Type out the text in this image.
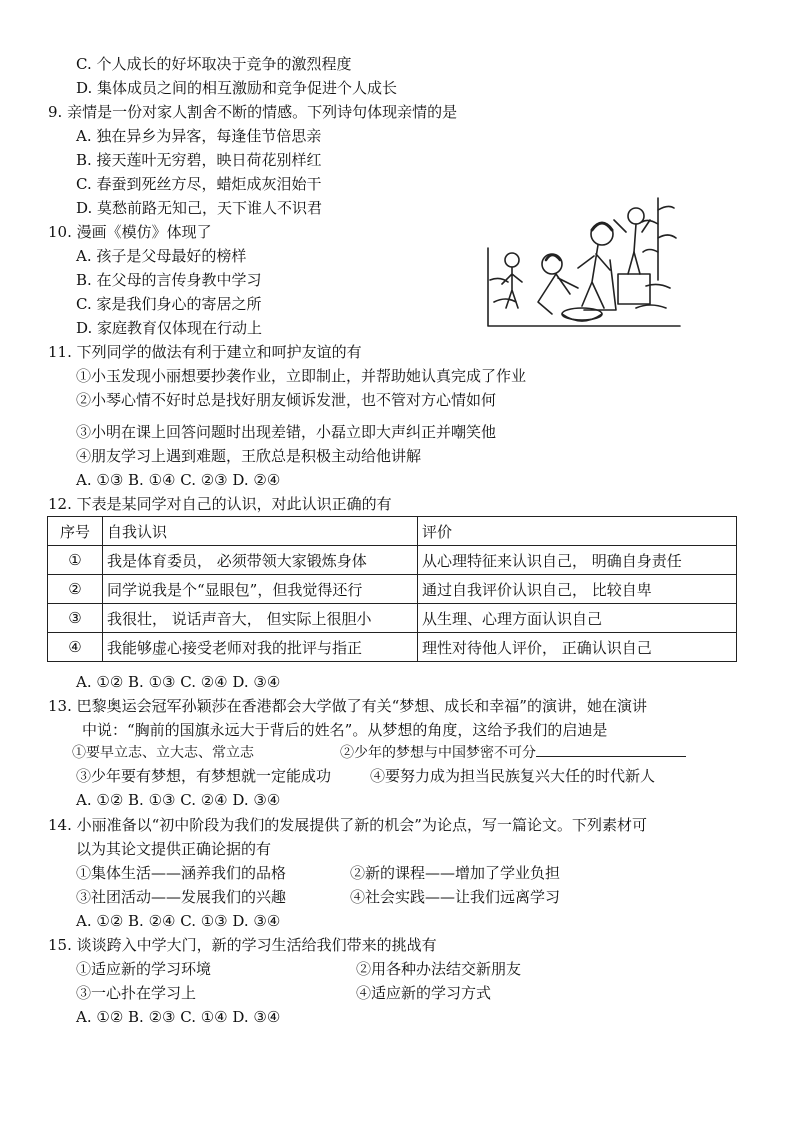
C. 个人成长的好坏取决于竞争的激烈程度
D. 集体成员之间的相互激励和竞争促进个人成长
9. 亲情是一份对家人割舍不断的情感。下列诗句体现亲情的是
A. 独在异乡为异客，每逢佳节倍思亲
B. 接天莲叶无穷碧，映日荷花别样红
C. 春蚕到死丝方尽，蜡炬成灰泪始干
D. 莫愁前路无知己，天下谁人不识君
10. 漫画《模仿》体现了
A. 孩子是父母最好的榜样
B. 在父母的言传身教中学习
C. 家是我们身心的寄居之所
D. 家庭教育仅体现在行动上
11. 下列同学的做法有利于建立和呵护友谊的有
①小玉发现小丽想要抄袭作业，立即制止，并帮助她认真完成了作业
②小琴心情不好时总是找好朋友倾诉发泄，也不管对方心情如何
③小明在课上回答问题时出现差错，小磊立即大声纠正并嘲笑他
④朋友学习上遇到难题，王欣总是积极主动给他讲解
A. ①③ B. ①④ C. ②③ D. ②④
12. 下表是某同学对自己的认识，对此认识正确的有
序号	自我认识	评价
①	我是体育委员， 必须带领大家锻炼身体	从心理特征来认识自己， 明确自身责任
②	同学说我是个“显眼包”，但我觉得还行	通过自我评价认识自己， 比较自卑
③	我很壮， 说话声音大， 但实际上很胆小	从生理、心理方面认识自己
④	我能够虚心接受老师对我的批评与指正	理性对待他人评价， 正确认识自己
A. ①② B. ①③ C. ②④ D. ③④
13. 巴黎奥运会冠军孙颖莎在香港都会大学做了有关“梦想、成长和幸福”的演讲，她在演讲
中说：“胸前的国旗永远大于背后的姓名”。从梦想的角度，这给予我们的启迪是
①要早立志、立大志、常立志	②少年的梦想与中国梦密不可分
③少年要有梦想，有梦想就一定能成功	④要努力成为担当民族复兴大任的时代新人
A. ①② B. ①③ C. ②④ D. ③④
14. 小丽准备以“初中阶段为我们的发展提供了新的机会”为论点，写一篇论文。下列素材可
以为其论文提供正确论据的有
①集体生活——涵养我们的品格	②新的课程——增加了学业负担
③社团活动——发展我们的兴趣	④社会实践——让我们远离学习
A. ①② B. ②④ C. ①③ D. ③④
15. 谈谈跨入中学大门，新的学习生活给我们带来的挑战有
①适应新的学习环境	②用各种办法结交新朋友
③一心扑在学习上	④适应新的学习方式
A. ①② B. ②③ C. ①④ D. ③④
